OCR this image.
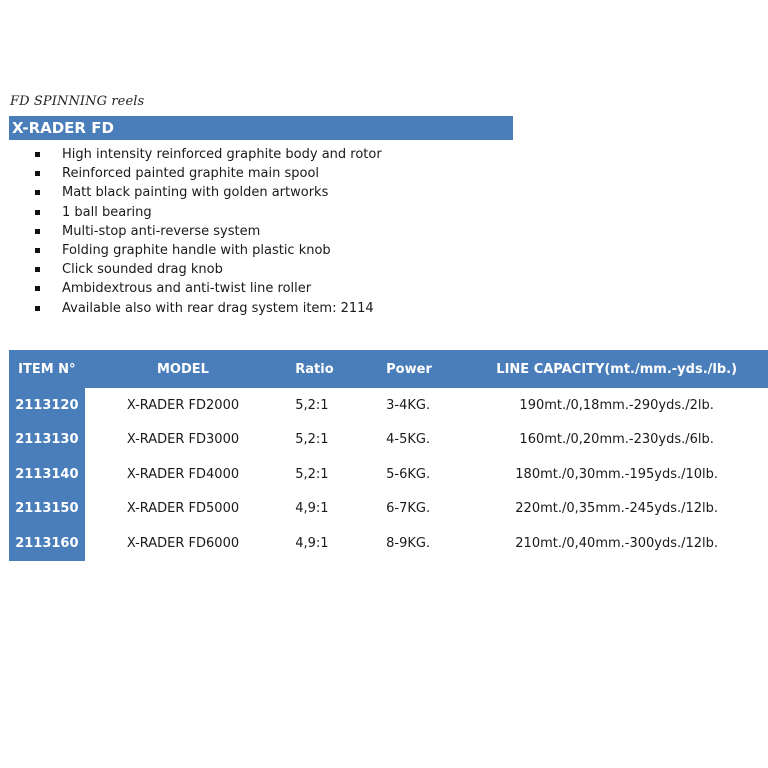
FD SPINNING reels
X-RADER FD
High intensity reinforced graphite body and rotor
Reinforced painted graphite main spool
Matt black painting with golden artworks
1 ball bearing
Multi-stop anti-reverse system
Folding graphite handle with plastic knob
Click sounded drag knob
Ambidextrous and anti-twist line roller
Available also with rear drag system item: 2114
ITEM N°	MODEL	Ratio	Power	LINE CAPACITY(mt./mm.-yds./lb.)
2113120	X-RADER FD2000	5,2:1	3-4KG.	190mt./0,18mm.-290yds./2lb.
2113130	X-RADER FD3000	5,2:1	4-5KG.	160mt./0,20mm.-230yds./6lb.
2113140	X-RADER FD4000	5,2:1	5-6KG.	180mt./0,30mm.-195yds./10lb.
2113150	X-RADER FD5000	4,9:1	6-7KG.	220mt./0,35mm.-245yds./12lb.
2113160	X-RADER FD6000	4,9:1	8-9KG.	210mt./0,40mm.-300yds./12lb.
